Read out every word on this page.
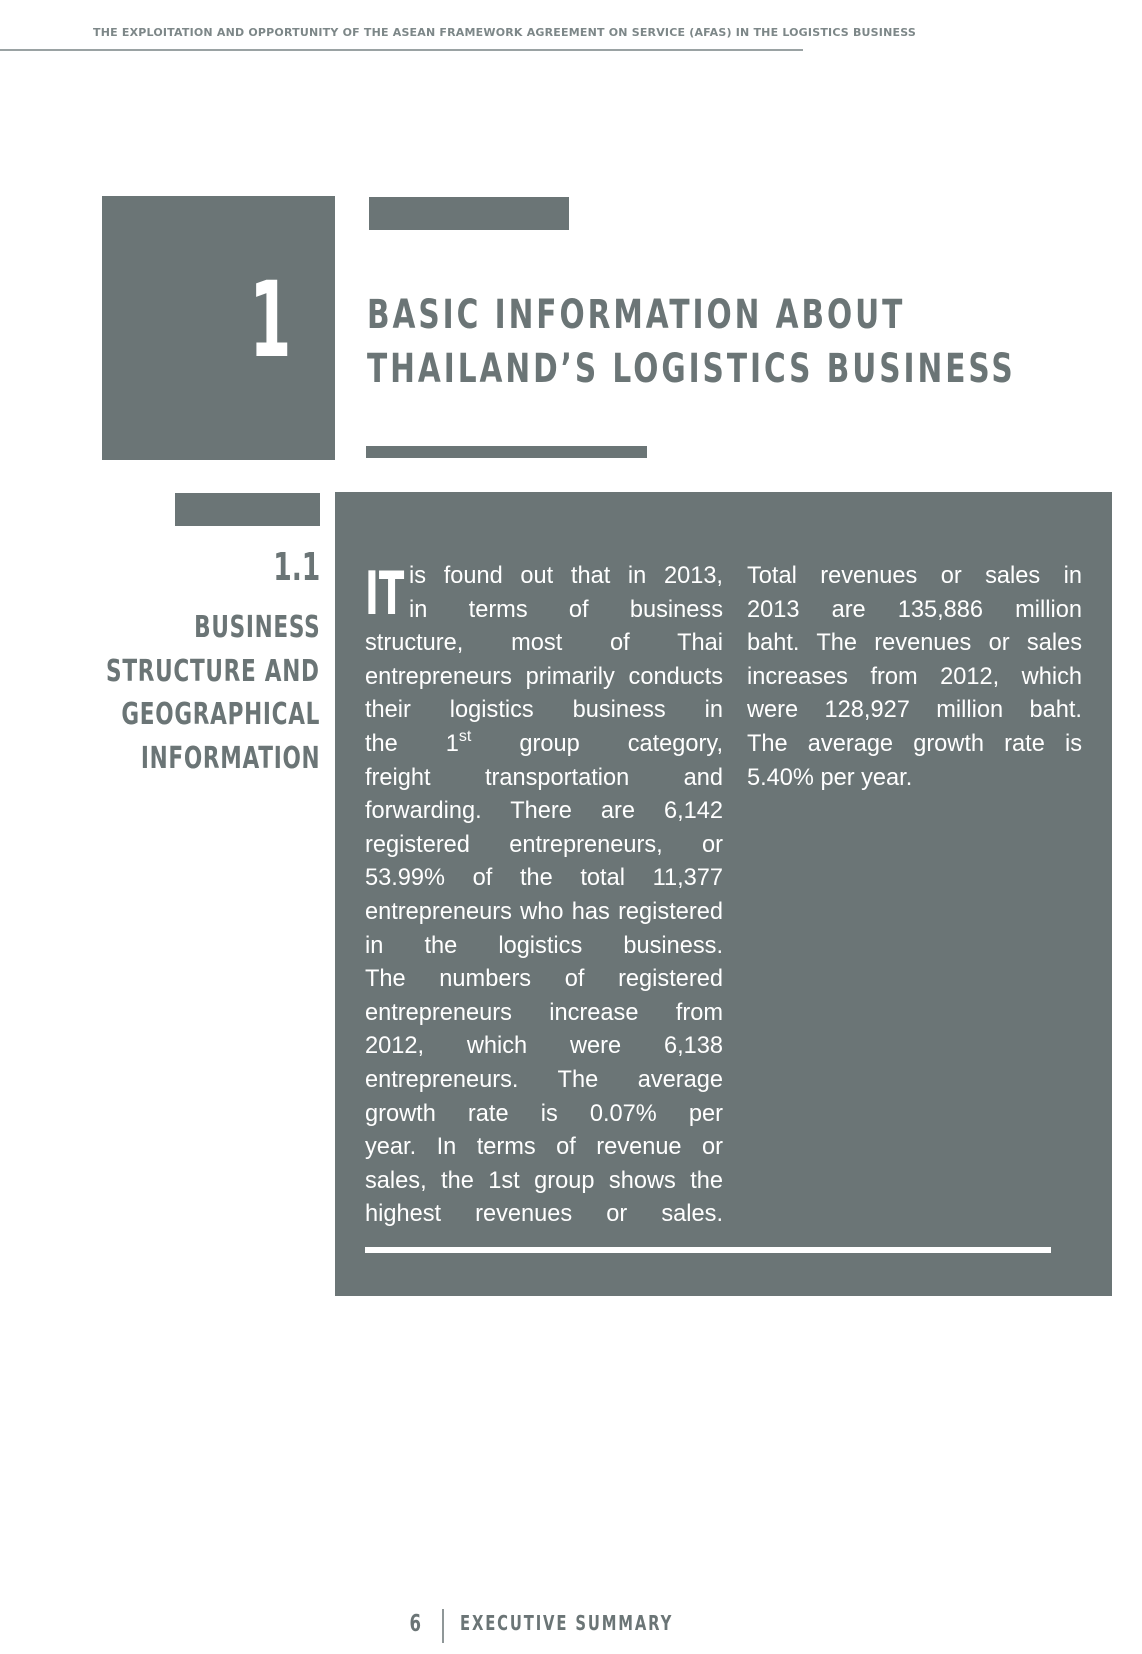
THE EXPLOITATION AND OPPORTUNITY OF THE ASEAN FRAMEWORK AGREEMENT ON SERVICE (AFAS) IN THE LOGISTICS BUSINESS
1 BASIC INFORMATION ABOUT
THAILAND’S LOGISTICS BUSINESS
1.1
BUSINESS
STRUCTURE AND
GEOGRAPHICAL
INFORMATION
IT is found out that in 2013,
in terms of business
structure, most of Thai
entrepreneurs primarily conducts
their logistics business in
the 1st group category,
freight transportation and
forwarding. There are 6,142
registered entrepreneurs, or
53.99% of the total 11,377
entrepreneurs who has registered
in the logistics business.
The numbers of registered
entrepreneurs increase from
2012, which were 6,138
entrepreneurs. The average
growth rate is 0.07% per
year. In terms of revenue or
sales, the 1st group shows the
highest revenues or sales.
Total revenues or sales in
2013 are 135,886 million
baht. The revenues or sales
increases from 2012, which
were 128,927 million baht.
The average growth rate is
5.40% per year.
6 EXECUTIVE SUMMARY
